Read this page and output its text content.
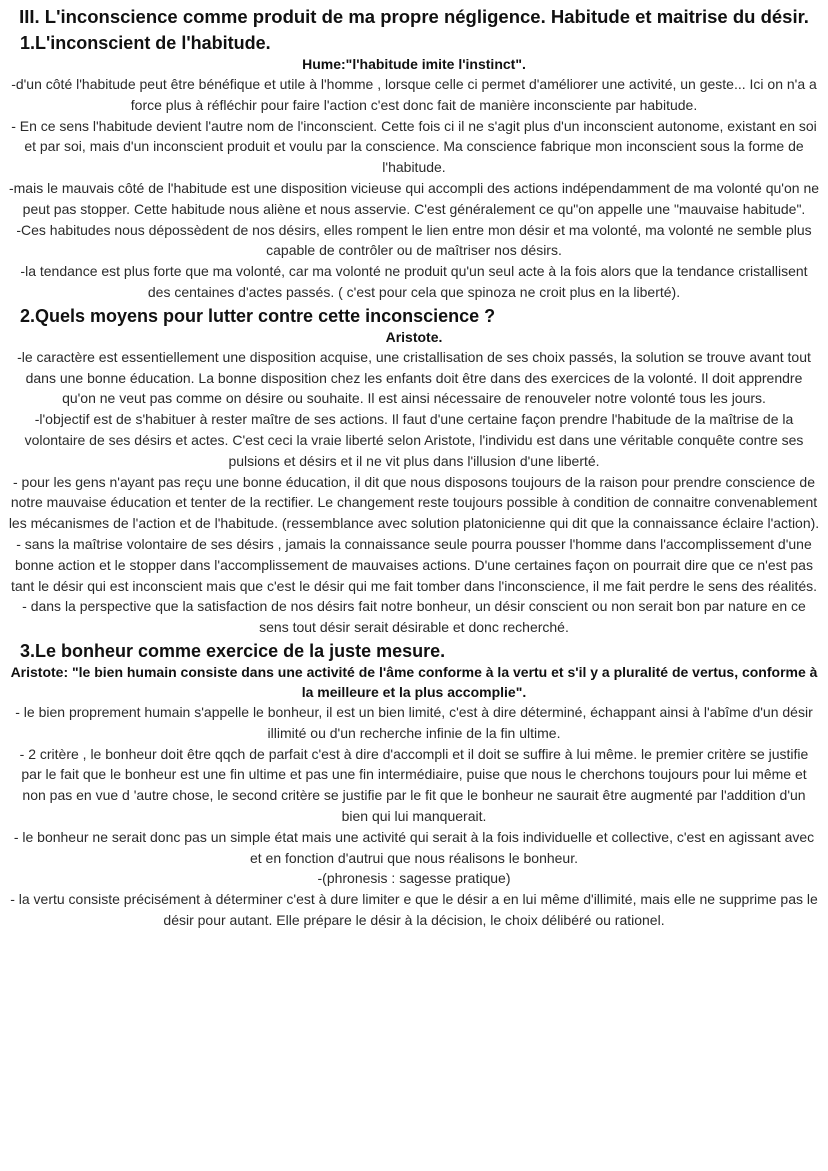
III. L'inconscience comme produit de ma propre négligence. Habitude et maitrise du désir.
1.L'inconscient de l'habitude.

Hume:"l'habitude imite l'instinct".

-d'un côté l'habitude peut être bénéfique et utile à l'homme , lorsque celle ci permet d'améliorer une activité, un geste... Ici on n'a a force plus à réfléchir pour faire l'action c'est donc fait de manière inconsciente par habitude.

- En ce sens l'habitude devient l'autre nom de l'inconscient. Cette fois ci il ne s'agit plus d'un inconscient autonome, existant en soi et par soi, mais d'un inconscient produit et voulu par la conscience. Ma conscience fabrique mon inconscient sous la forme de l'habitude.

-mais le mauvais côté de l'habitude est une disposition vicieuse qui accompli des actions indépendamment de ma volonté qu'on ne peut pas stopper. Cette habitude nous aliène et nous asservie. C'est généralement ce qu"on appelle une "mauvaise habitude".

-Ces habitudes nous dépossèdent de nos désirs, elles rompent le lien entre mon désir et ma volonté, ma volonté ne semble plus capable de contrôler ou de maîtriser nos désirs.

-la tendance est plus forte que ma volonté, car ma volonté ne produit qu'un seul acte à la fois alors que la tendance cristallisent des centaines d'actes passés. ( c'est pour cela que spinoza ne croit plus en la liberté).

2.Quels moyens pour lutter contre cette inconscience ?

Aristote.

-le caractère est essentiellement une disposition acquise, une cristallisation de ses choix passés, la solution se trouve avant tout dans une bonne éducation. La bonne disposition chez les enfants doit être dans des exercices de la volonté. Il doit apprendre qu'on ne veut pas comme on désire ou souhaite. Il est ainsi nécessaire de renouveler notre volonté tous les jours.

-l'objectif est de s'habituer à rester maître de ses actions. Il faut d'une certaine façon prendre l'habitude de la maîtrise de la volontaire de ses désirs et actes. C'est ceci la vraie liberté selon Aristote, l'individu est dans une véritable conquête contre ses pulsions et désirs et il ne vit plus dans l'illusion d'une liberté.

- pour les gens n'ayant pas reçu une bonne éducation, il dit que nous disposons toujours de la raison pour prendre conscience de notre mauvaise éducation et tenter de la rectifier. Le changement reste toujours possible à condition de connaitre convenablement les mécanismes de l'action et de l'habitude. (ressemblance avec solution platonicienne qui dit que la connaissance éclaire l'action).

- sans la maîtrise volontaire de ses désirs , jamais la connaissance seule pourra pousser l'homme dans l'accomplissement d'une bonne action et le stopper dans l'accomplissement de mauvaises actions. D'une certaines façon on pourrait dire que ce n'est pas tant le désir qui est inconscient mais que c'est le désir qui me fait tomber dans l'inconscience, il me fait perdre le sens des réalités.

- dans la perspective que la satisfaction de nos désirs fait notre bonheur, un désir conscient ou non serait bon par nature en ce sens tout désir serait désirable et donc recherché.

3.Le bonheur comme exercice de la juste mesure.

Aristote: "le bien humain consiste dans une activité de l'âme conforme à la vertu et s'il y a pluralité de vertus, conforme à la meilleure et la plus accomplie".

- le bien proprement humain s'appelle le bonheur, il est un bien limité, c'est à dire déterminé, échappant ainsi à l'abîme d'un désir illimité ou d'un recherche infinie de la fin ultime.

- 2 critère , le bonheur doit être qqch de parfait c'est à dire d'accompli et il doit se suffire à lui même. le premier critère se justifie par le fait que le bonheur est une fin ultime et pas une fin intermédiaire, puise que nous le cherchons toujours pour lui même et non pas en vue d 'autre chose, le second critère se justifie par le fit que le bonheur ne saurait être augmenté par l'addition d'un bien qui lui manquerait.

- le bonheur ne serait donc pas un simple état mais une activité qui serait à la fois individuelle et collective, c'est en agissant avec et en fonction d'autrui que nous réalisons le bonheur.

-(phronesis : sagesse pratique)

- la vertu consiste précisément à déterminer c'est à dure limiter e que le désir a en lui même d'illimité, mais elle ne supprime pas le désir pour autant. Elle prépare le désir à la décision, le choix délibéré ou rationel.
